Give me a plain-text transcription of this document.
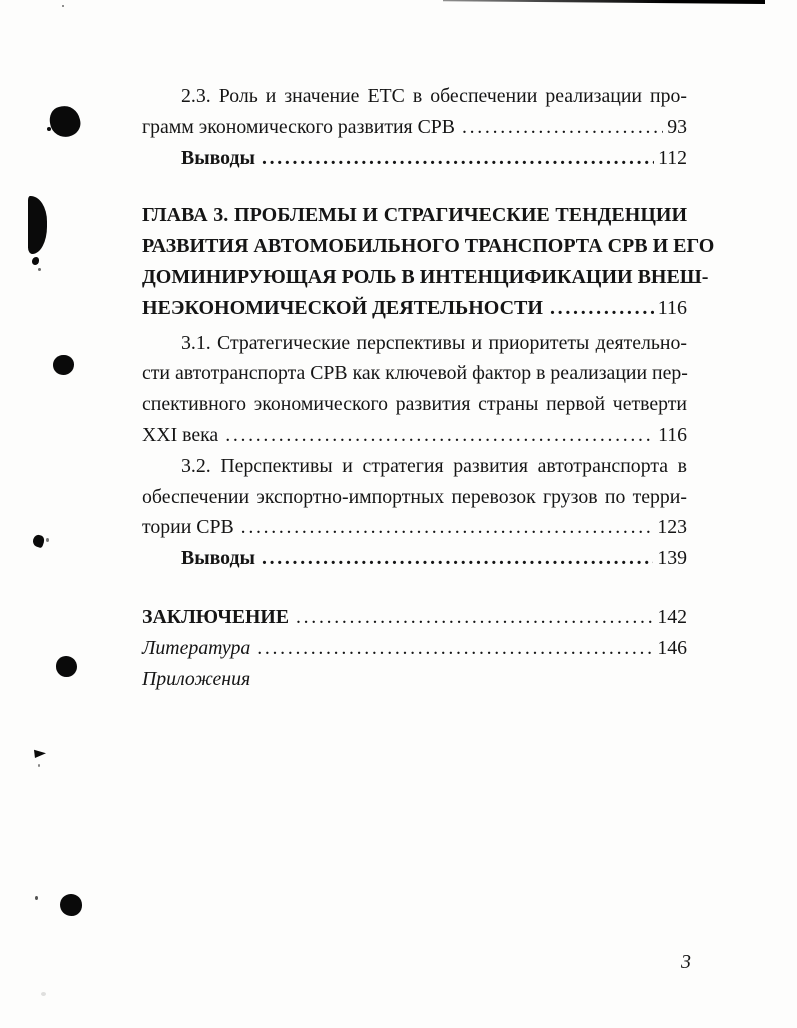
2.3. Роль и значение ЕТС в обеспечении реализации про-
грамм экономического развития СРВ .....	93
Выводы .....	112
ГЛАВА 3. ПРОБЛЕМЫ И СТРАГИЧЕСКИЕ ТЕНДЕНЦИИ
РАЗВИТИЯ АВТОМОБИЛЬНОГО ТРАНСПОРТА СРВ И ЕГО
ДОМИНИРУЮЩАЯ РОЛЬ В ИНТЕНЦИФИКАЦИИ ВНЕШ-
НЕЭКОНОМИЧЕСКОЙ ДЕЯТЕЛЬНОСТИ .....	116
3.1. Стратегические перспективы и приоритеты деятельно-
сти автотранспорта СРВ как ключевой фактор в реализации пер-
спективного экономического развития страны первой четверти
XXI века .....	116
3.2. Перспективы и стратегия развития автотранспорта в
обеспечении экспортно-импортных перевозок грузов по терри-
тории СРВ .....	123
Выводы .....	139
ЗАКЛЮЧЕНИЕ .....	142
Литература .....	146
Приложения
3
